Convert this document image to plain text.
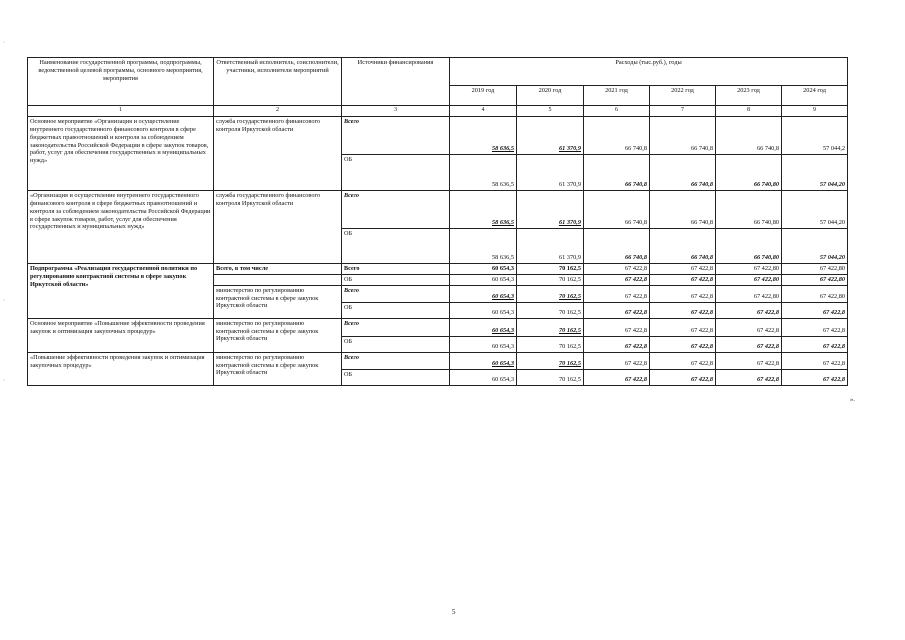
·
·
·
Наименование государственной программы, подпрограммы, ведомственной целевой программы, основного мероприятия, мероприятия	Ответственный исполнитель, соисполнители, участники, исполнители мероприятий	Источники финансирования	Расходы (тыс.руб.), годы					
			2019 год	2020 год	2021 год	2022 год	2023 год	2024 год
1	2	3	4	5	6	7	8	9
Основное мероприятие «Организация и осуществление внутреннего государственного финансового контроля в сфере бюджетных правоотношений и контроля за соблюдением законодательства Российской Федерации в сфере закупок товаров, работ, услуг для обеспечения государственных и муниципальных нужд»	служба государственного финансового контроля Иркутской области	Всего	58 636,5	61 370,9	66 740,8	66 740,8	66 740,8	57 044,2
		ОБ	58 636,5	61 370,9	66 740,8	66 740,8	66 740,80	57 044,20
«Организация и осуществление внутреннего государственного финансового контроля в сфере бюджетных правоотношений и контроля за соблюдением законодательства Российской Федерации в сфере закупок товаров, работ, услуг для обеспечения государственных и муниципальных нужд»	служба государственного финансового контроля Иркутской области	Всего	58 636,5	61 370,9	66 740,8	66 740,8	66 740,80	57 044,20
		ОБ	58 636,5	61 370,9	66 740,8	66 740,8	66 740,80	57 044,20
Подпрограмма «Реализация государственной политики по регулированию контрактной системы в сфере закупок Иркутской области»	Всего, в том числе	Всего	60 654,3	70 162,5	67 422,8	67 422,8	67 422,80	67 422,80
		ОБ	60 654,3	70 162,5	67 422,8	67 422,8	67 422,80	67 422,80
	министерство по регулированию контрактной системы в сфере закупок Иркутской области	Всего	60 654,3	70 162,5	67 422,8	67 422,8	67 422,80	67 422,80
		ОБ	60 654,3	70 162,5	67 422,8	67 422,8	67 422,8	67 422,8
Основное мероприятие «Повышение эффективности проведения закупок и оптимизация закупочных процедур»	министерство по регулированию контрактной системы в сфере закупок Иркутской области	Всего	60 654,3	70 162,5	67 422,8	67 422,8	67 422,8	67 422,8
		ОБ	60 654,3	70 162,5	67 422,8	67 422,8	67 422,8	67 422,8
«Повышение эффективности проведения закупок и оптимизация закупочных процедур»	министерство по регулированию контрактной системы в сфере закупок Иркутской области	Всего	60 654,3	70 162,5	67 422,8	67 422,8	67 422,8	67 422,8
		ОБ	60 654,3	70 162,5	67 422,8	67 422,8	67 422,8	67 422,8
».
5
